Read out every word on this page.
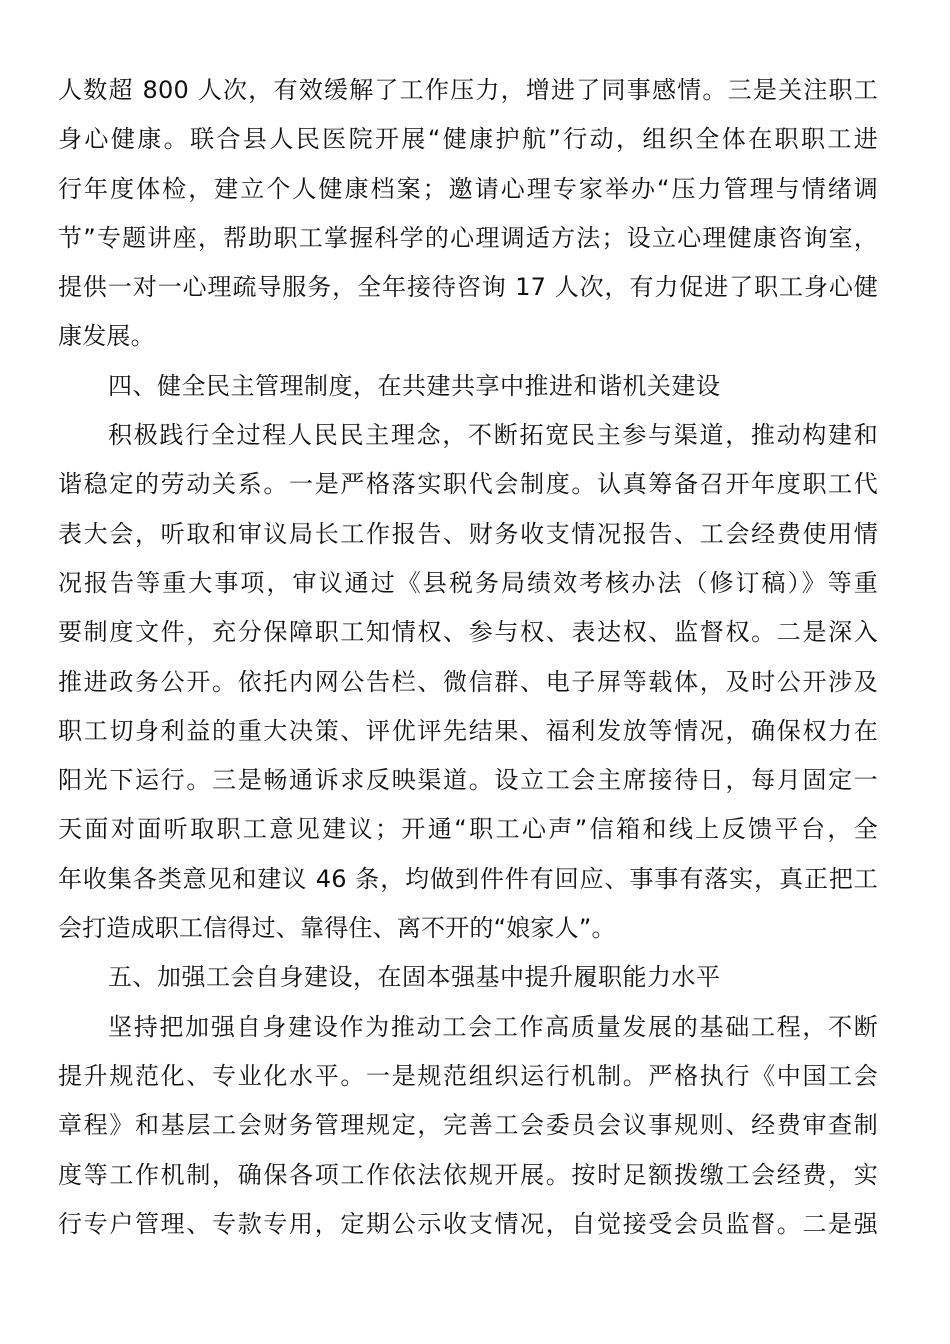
人数超 800 人次，有效缓解了工作压力，增进了同事感情。三是关注职工
身心健康。联合县人民医院开展“健康护航”行动，组织全体在职职工进
行年度体检，建立个人健康档案；邀请心理专家举办“压力管理与情绪调
节”专题讲座，帮助职工掌握科学的心理调适方法；设立心理健康咨询室，
提供一对一心理疏导服务，全年接待咨询 17 人次，有力促进了职工身心健
康发展。
四、健全民主管理制度，在共建共享中推进和谐机关建设
积极践行全过程人民民主理念，不断拓宽民主参与渠道，推动构建和
谐稳定的劳动关系。一是严格落实职代会制度。认真筹备召开年度职工代
表大会，听取和审议局长工作报告、财务收支情况报告、工会经费使用情
况报告等重大事项，审议通过《县税务局绩效考核办法（修订稿）》等重
要制度文件，充分保障职工知情权、参与权、表达权、监督权。二是深入
推进政务公开。依托内网公告栏、微信群、电子屏等载体，及时公开涉及
职工切身利益的重大决策、评优评先结果、福利发放等情况，确保权力在
阳光下运行。三是畅通诉求反映渠道。设立工会主席接待日，每月固定一
天面对面听取职工意见建议；开通“职工心声”信箱和线上反馈平台，全
年收集各类意见和建议 46 条，均做到件件有回应、事事有落实，真正把工
会打造成职工信得过、靠得住、离不开的“娘家人”。
五、加强工会自身建设，在固本强基中提升履职能力水平
坚持把加强自身建设作为推动工会工作高质量发展的基础工程，不断
提升规范化、专业化水平。一是规范组织运行机制。严格执行《中国工会
章程》和基层工会财务管理规定，完善工会委员会议事规则、经费审查制
度等工作机制，确保各项工作依法依规开展。按时足额拨缴工会经费，实
行专户管理、专款专用，定期公示收支情况，自觉接受会员监督。二是强
